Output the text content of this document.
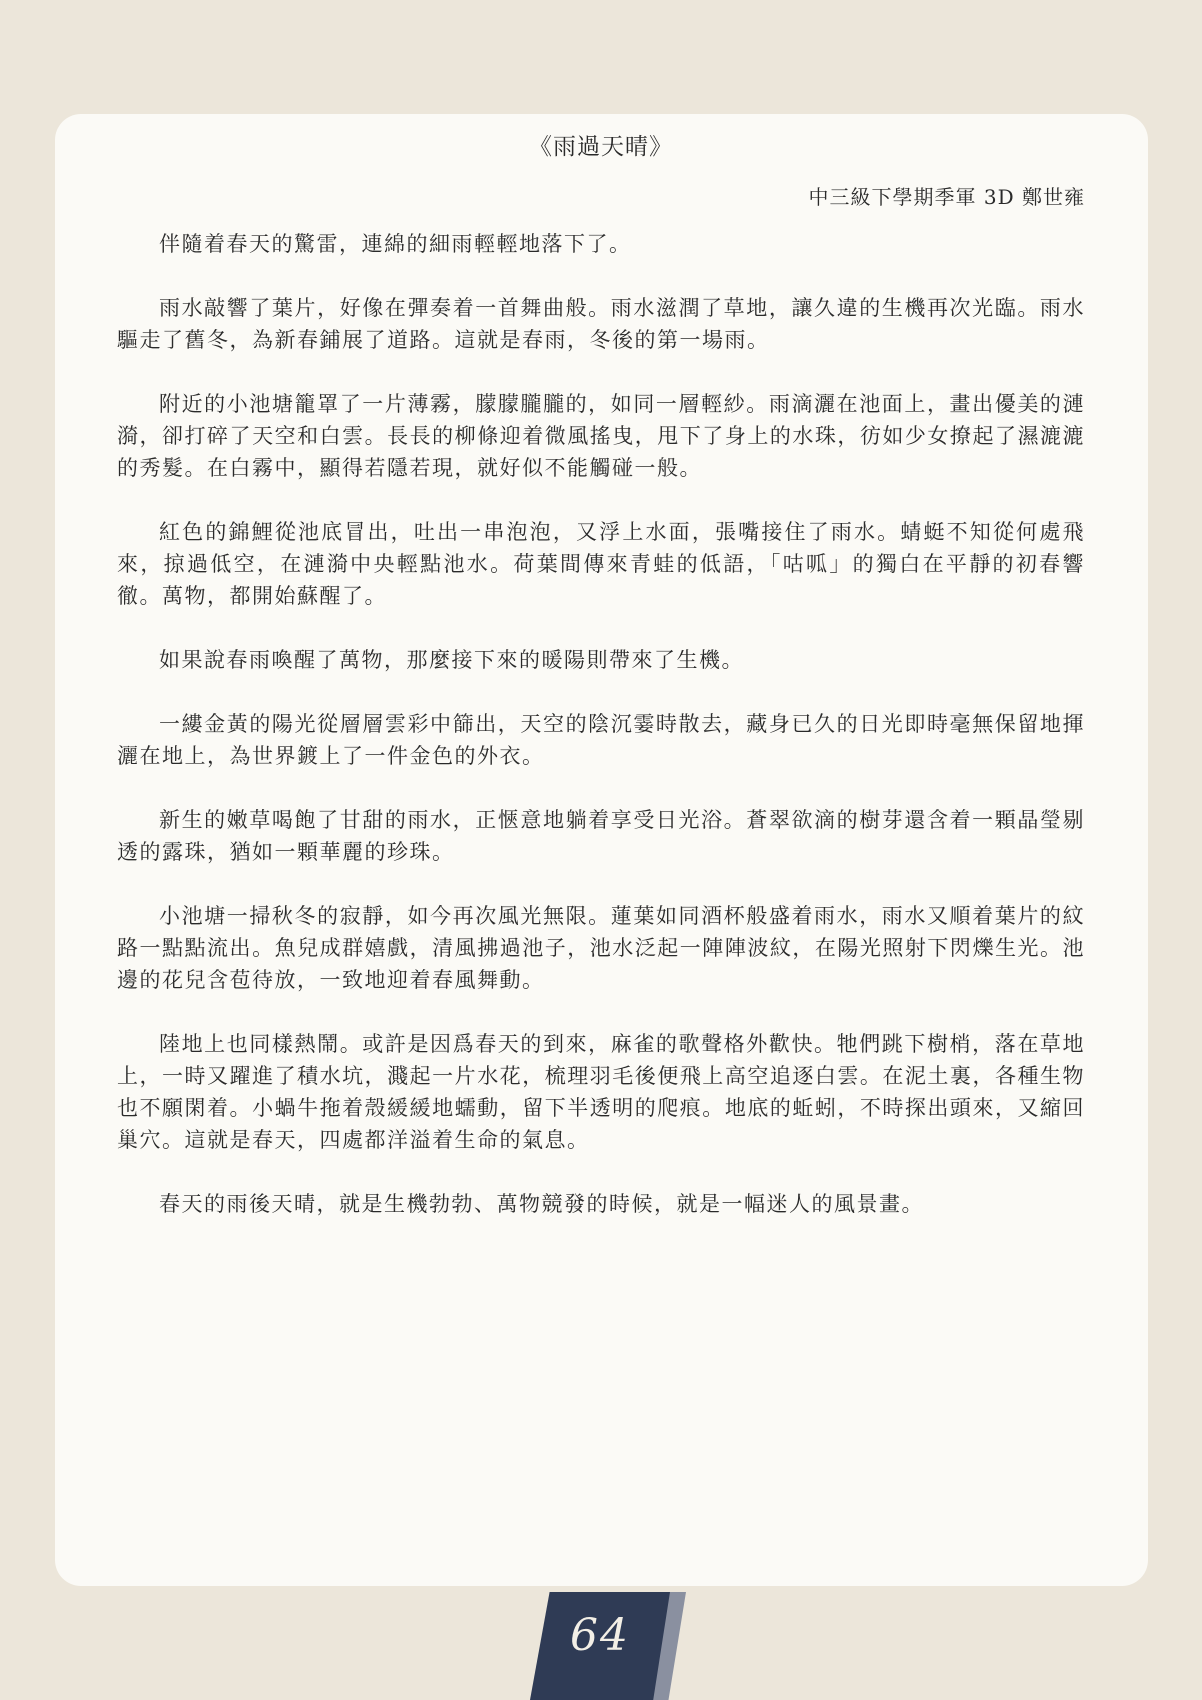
《雨過天晴》
中三級下學期季軍 3D 鄭世雍

伴隨着春天的驚雷，連綿的細雨輕輕地落下了。

雨水敲響了葉片，好像在彈奏着一首舞曲般。雨水滋潤了草地，讓久違的生機再次光臨。雨水驅走了舊冬，為新春鋪展了道路。這就是春雨，冬後的第一場雨。

附近的小池塘籠罩了一片薄霧，朦朦朧朧的，如同一層輕紗。雨滴灑在池面上，畫出優美的漣漪，卻打碎了天空和白雲。長長的柳條迎着微風搖曳，甩下了身上的水珠，彷如少女撩起了濕漉漉的秀髮。在白霧中，顯得若隱若現，就好似不能觸碰一般。

紅色的錦鯉從池底冒出，吐出一串泡泡，又浮上水面，張嘴接住了雨水。蜻蜓不知從何處飛來，掠過低空，在漣漪中央輕點池水。荷葉間傳來青蛙的低語，「咕呱」的獨白在平靜的初春響徹。萬物，都開始蘇醒了。

如果說春雨喚醒了萬物，那麼接下來的暖陽則帶來了生機。

一縷金黃的陽光從層層雲彩中篩出，天空的陰沉霎時散去，藏身已久的日光即時毫無保留地揮灑在地上，為世界鍍上了一件金色的外衣。

新生的嫩草喝飽了甘甜的雨水，正愜意地躺着享受日光浴。蒼翠欲滴的樹芽還含着一顆晶瑩剔透的露珠，猶如一顆華麗的珍珠。

小池塘一掃秋冬的寂靜，如今再次風光無限。蓮葉如同酒杯般盛着雨水，雨水又順着葉片的紋路一點點流出。魚兒成群嬉戲，清風拂過池子，池水泛起一陣陣波紋，在陽光照射下閃爍生光。池邊的花兒含苞待放，一致地迎着春風舞動。

陸地上也同樣熱鬧。或許是因爲春天的到來，麻雀的歌聲格外歡快。牠們跳下樹梢，落在草地上，一時又躍進了積水坑，濺起一片水花，梳理羽毛後便飛上高空追逐白雲。在泥土裏，各種生物也不願閑着。小蝸牛拖着殼緩緩地蠕動，留下半透明的爬痕。地底的蚯蚓，不時探出頭來，又縮回巢穴。這就是春天，四處都洋溢着生命的氣息。

春天的雨後天晴，就是生機勃勃、萬物競發的時候，就是一幅迷人的風景畫。

64
